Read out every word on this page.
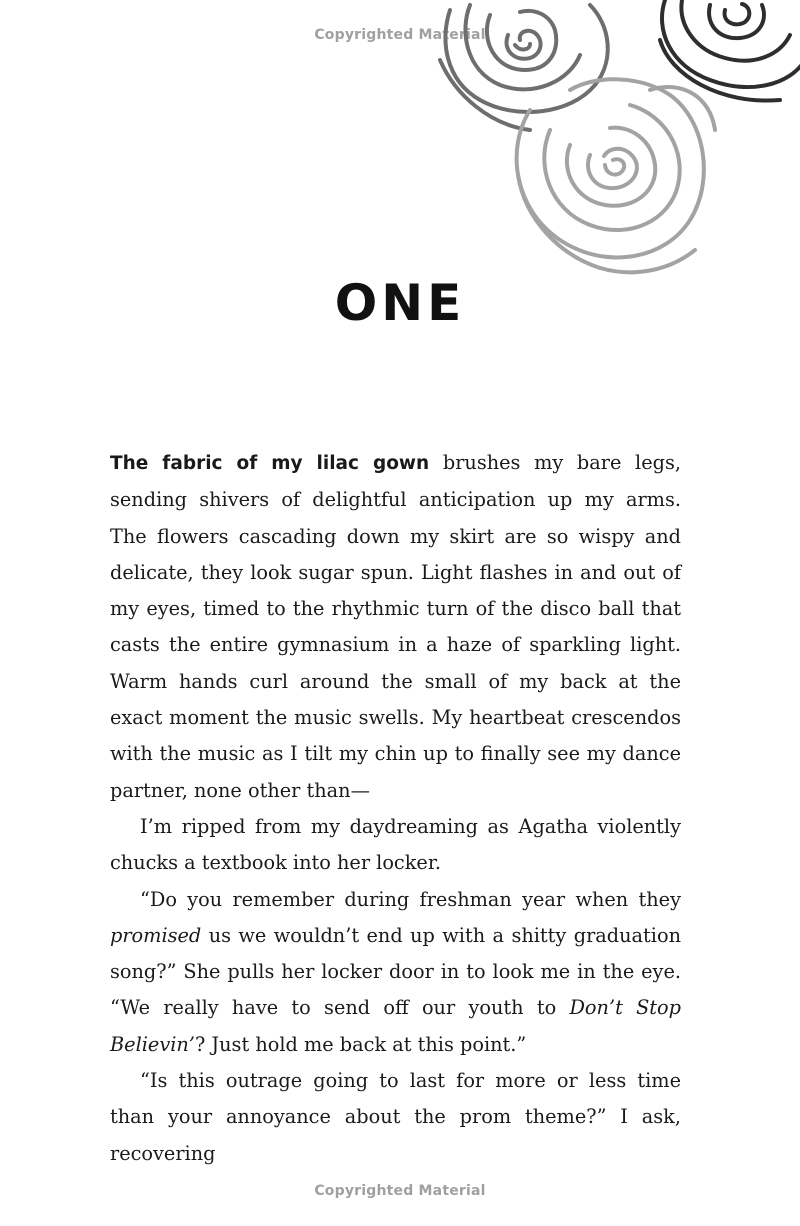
Copyrighted Material
ONE

The fabric of my lilac gown brushes my bare legs, sending shivers of delightful anticipation up my arms. The flowers cascading down my skirt are so wispy and delicate, they look sugar spun. Light flashes in and out of my eyes, timed to the rhythmic turn of the disco ball that casts the entire gymnasium in a haze of sparkling light. Warm hands curl around the small of my back at the exact moment the music swells. My heartbeat crescendos with the music as I tilt my chin up to finally see my dance partner, none other than—

I’m ripped from my daydreaming as Agatha violently chucks a textbook into her locker.

“Do you remember during freshman year when they promised us we wouldn’t end up with a shitty graduation song?” She pulls her locker door in to look me in the eye. “We really have to send off our youth to Don’t Stop Believin’? Just hold me back at this point.”

“Is this outrage going to last for more or less time than your annoyance about the prom theme?” I ask, recovering

Copyrighted Material
